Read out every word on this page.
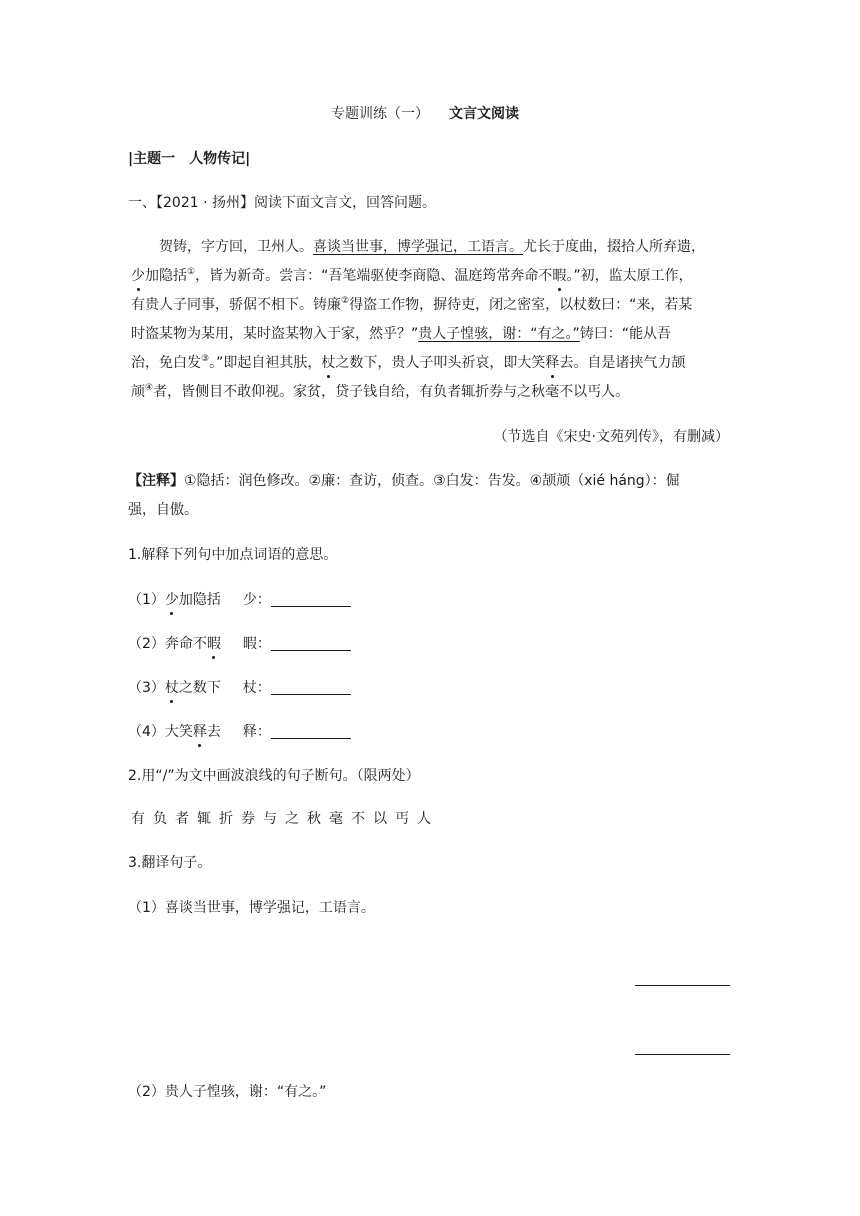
专题训练（一） 文言文阅读
|主题一　人物传记|
一、【2021 · 扬州】阅读下面文言文，回答问题。
贺铸，字方回，卫州人。喜谈当世事，博学强记，工语言。尤长于度曲，掇拾人所弃遗，
少加隐括①，皆为新奇。尝言：“吾笔端驱使李商隐、温庭筠常奔命不暇。”初，监太原工作，
有贵人子同事，骄倨不相下。铸廉②得盗工作物，摒待吏，闭之密室，以杖数曰：“来，若某
时盗某物为某用，某时盗某物入于家，然乎？”贵人子惶骇，谢：“有之。”铸曰：“能从吾
治，免白发③。”即起自袒其肤，杖之数下，贵人子叩头祈哀，即大笑释去。自是诸挟气力颉
颃④者，皆侧目不敢仰视。家贫，贷子钱自给，有负者辄折券与之秋毫不以丐人。
（节选自《宋史·文苑列传》，有删减）
【注释】①隐括：润色修改。②廉：查访，侦查。③白发：告发。④颉颃（xié háng）：倔
强，自傲。
1.解释下列句中加点词语的意思。
（1）少加隐括 少：
（2）奔命不暇 暇：
（3）杖之数下 杖：
（4）大笑释去 释：
2.用“/”为文中画波浪线的句子断句。（限两处）
有负者辄折券与之秋毫不以丐人
3.翻译句子。
（1）喜谈当世事，博学强记，工语言。
（2）贵人子惶骇，谢：“有之。”
